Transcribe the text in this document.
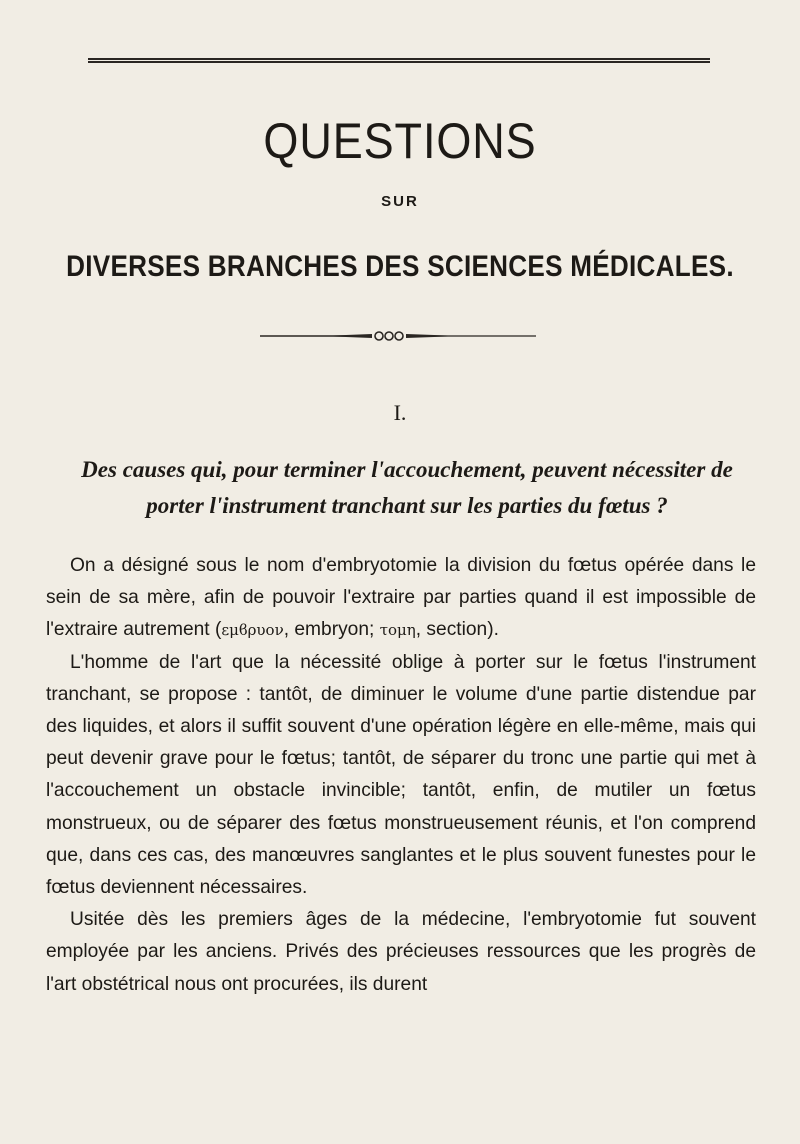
QUESTIONS
SUR
DIVERSES BRANCHES DES SCIENCES MÉDICALES.
I.
Des causes qui, pour terminer l'accouchement, peuvent nécessiter de porter l'instrument tranchant sur les parties du fœtus ?

On a désigné sous le nom d'embryotomie la division du fœtus opérée dans le sein de sa mère, afin de pouvoir l'extraire par parties quand il est impossible de l'extraire autrement (εμϐρυον, embryon; τομη, section).

L'homme de l'art que la nécessité oblige à porter sur le fœtus l'instrument tranchant, se propose : tantôt, de diminuer le volume d'une partie distendue par des liquides, et alors il suffit souvent d'une opération légère en elle-même, mais qui peut devenir grave pour le fœtus; tantôt, de séparer du tronc une partie qui met à l'accouchement un obstacle invincible; tantôt, enfin, de mutiler un fœtus monstrueux, ou de séparer des fœtus monstrueusement réunis, et l'on comprend que, dans ces cas, des manœuvres sanglantes et le plus souvent funestes pour le fœtus deviennent nécessaires.

Usitée dès les premiers âges de la médecine, l'embryotomie fut souvent employée par les anciens. Privés des précieuses ressources que les progrès de l'art obstétrical nous ont procurées, ils durent
